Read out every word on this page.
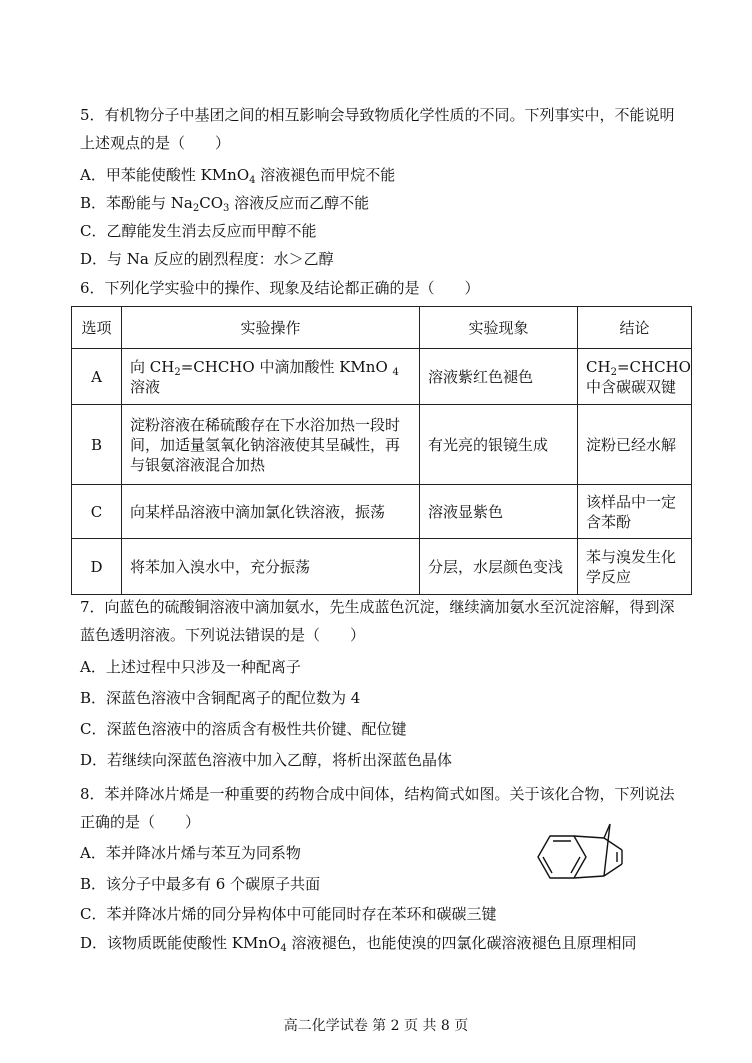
5．有机物分子中基团之间的相互影响会导致物质化学性质的不同。下列事实中，不能说明
上述观点的是（　　）
A．甲苯能使酸性 KMnO$_4$ 溶液褪色而甲烷不能
B．苯酚能与 $Na_2CO_3$ 溶液反应而乙醇不能
C．乙醇能发生消去反应而甲醇不能
D．与 Na 反应的剧烈程度：水＞乙醇
6．下列化学实验中的操作、现象及结论都正确的是（　　）
选项	实验操作	实验现象	结论
A	向 $CH_2=CHCHO$ 中滴加酸性 KMnO $_4$溶液	溶液紫红色褪色	$CH_2=CHCHO$
中含碳碳双键
B	淀粉溶液在稀硫酸存在下水浴加热一段时
间，加适量氢氧化钠溶液使其呈碱性，再
与银氨溶液混合加热	有光亮的银镜生成	淀粉已经水解
C	向某样品溶液中滴加氯化铁溶液，振荡	溶液显紫色	该样品中一定
含苯酚
D	将苯加入溴水中，充分振荡	分层，水层颜色变浅	苯与溴发生化
学反应
7．向蓝色的硫酸铜溶液中滴加氨水，先生成蓝色沉淀，继续滴加氨水至沉淀溶解，得到深
蓝色透明溶液。下列说法错误的是（　　）
A．上述过程中只涉及一种配离子
B．深蓝色溶液中含铜配离子的配位数为 4
C．深蓝色溶液中的溶质含有极性共价键、配位键
D．若继续向深蓝色溶液中加入乙醇，将析出深蓝色晶体
8．苯并降冰片烯是一种重要的药物合成中间体，结构简式如图。关于该化合物，下列说法
正确的是（　　）
A．苯并降冰片烯与苯互为同系物
B．该分子中最多有 6 个碳原子共面
C．苯并降冰片烯的同分异构体中可能同时存在苯环和碳碳三键
D．该物质既能使酸性 KMnO$_4$ 溶液褪色，也能使溴的四氯化碳溶液褪色且原理相同
高二化学试卷 第 2 页 共 8 页
